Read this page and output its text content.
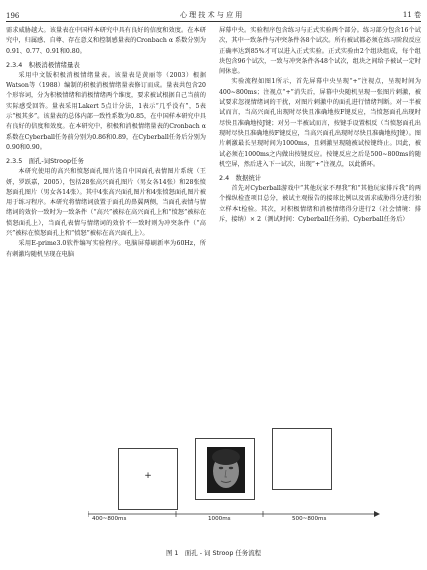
196	心 理 技 术 与 应 用	11 卷

需求威胁越大。该量表在中国样本研究中具有良好的信度和效度。在本研究中，归属感、自尊、存在意义和控制感量表的Cronbach α 系数分别为0.91、0.77、0.91和0.80。

2.3.4　积极消极情绪量表

采用中文版积极消极情绪量表。该量表是黄丽等（2003）根据Watson等（1988）编制的积极消极情绪量表修订而成。量表共包含20个形容词，分为积极情绪和消极情绪两个维度，要求被试根据自己当前的实际感受回答。量表采用Lakert 5点计分法，1表示“几乎没有”，5表示“极其多”。该量表的总体内部一致性系数为0.85，在中国样本研究中具有良好的信度和效度。在本研究中，积极和消极情绪量表的Cronbach α 系数在Cyberball任务前分别为0.86和0.89，在Cyberball任务后分别为0.90和0.90。

2.3.5　面孔-词Stroop任务

本研究使用的高兴和愤怒面孔图片选自中国面孔表情图片系统（王妍，罗跃嘉，2005），包括28张高兴面孔图片（男女各14张）和28张愤怒面孔图片（男女各14张）。其中4张高兴面孔图片和4张愤怒面孔图片被用于练习程序。本研究将情绪词放置于面孔的鼻翼两侧，当面孔表情与情绪词的效价一致时为一致条件（“高兴”被标在高兴面孔上和“愤怒”被标在愤怒面孔上），当面孔表情与情绪词的效价不一致时则为冲突条件（“高兴”被标在愤怒面孔上和“愤怒”被标在高兴面孔上）。

采用E-prime3.0软件编写实验程序。电脑屏幕刷新率为60Hz，所有刺激均随机呈现在电脑

屏幕中央。实验程序包含练习与正式实验两个部分。练习部分包含16个试次，其中一致条件与冲突条件各8个试次。所有被试都必须在练习阶段反应正确率达到85%才可以进入正式实验。正式实验由2个组块组成，每个组块包含96个试次，一致与冲突条件各48个试次，组块之间给予被试一定时间休息。

实验流程如图1所示，首先屏幕中央呈现“+”注视点，呈现时间为400~800ms；注视点“+”消失后，屏幕中央随机呈现一张图片刺激，被试要求忽视情绪词的干扰，对图片刺激中的面孔进行情绪判断。对一半被试而言，当高兴面孔出现时尽快且准确地按F键反应，当愤怒面孔出现时尽快且准确地按J键；对另一半被试而言，按键手设置相反（当愤怒面孔出现时尽快且准确地按F键反应，当高兴面孔出现时尽快且准确地按J键）。图片刺激最长呈现时间为1000ms，且刺激呈现随被试按键终止。因此，被试必须在1000ms之内做出按键反应。按键反应之后是500~800ms的随机空屏，然后进入下一试次，出现“+”注视点，以此循环。

2.4　数据统计

首先对Cyberball游戏中“其他玩家不理我”和“其他玩家排斥我”的两个操纵检查项目总分，被试主观报告的接球比例以及需求威胁得分进行独立样本t检验。其次，对积极情绪和消极情绪得分进行2（社会情境：排斥，接纳）× 2（测试时间：Cyberball任务前、Cyberball任务后）

+
400~800ms	1000ms	500~800ms
图 1　面孔 - 词 Stroop 任务流程
